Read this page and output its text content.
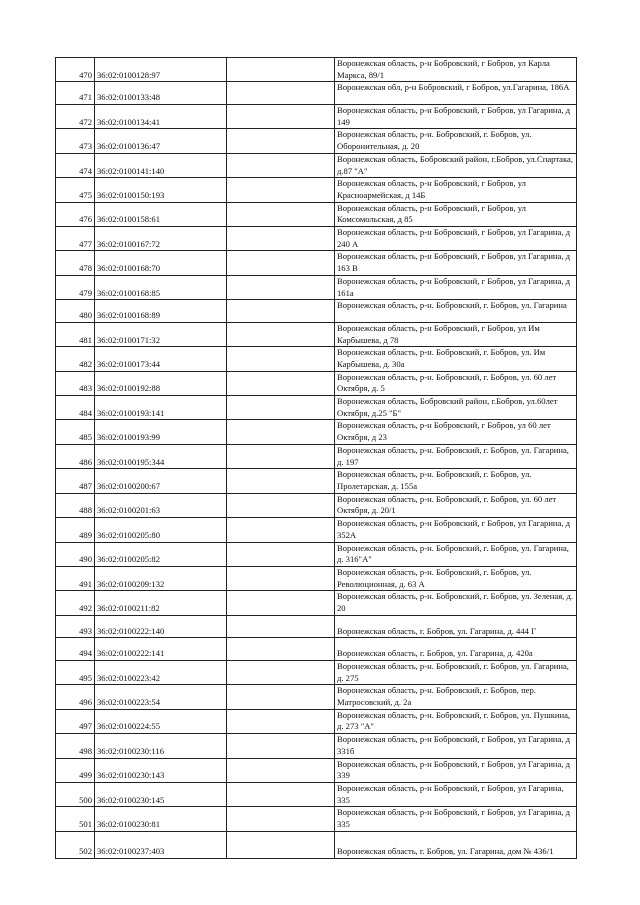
470	36:02:0100128:97		Воронежская область, р-н Бобровский, г Бобров, ул Карла Маркса, 89/1
471	36:02:0100133:48		Воронежская обл, р-н Бобровский, г Бобров, ул.Гагарина, 186А
472	36:02:0100134:41		Воронежская область, р-н Бобровский, г Бобров, ул Гагарина, д 149
473	36:02:0100136:47		Воронежская область, р-н. Бобровский, г. Бобров, ул. Оборонительная, д. 20
474	36:02:0100141:140		Воронежская область, Бобровский район, г.Бобров, ул.Спартака, д.87 "А"
475	36:02:0100150:193		Воронежская область, р-н Бобровский, г Бобров, ул Красноармейская, д 14Б
476	36:02:0100158:61		Воронежская область, р-н Бобровский, г Бобров, ул Комсомольская, д 85
477	36:02:0100167:72		Воронежская область, р-н Бобровский, г Бобров, ул Гагарина, д 240 А
478	36:02:0100168:70		Воронежская область, р-н Бобровский, г Бобров, ул Гагарина, д 163 В
479	36:02:0100168:85		Воронежская область, р-н Бобровский, г Бобров, ул Гагарина, д 161а
480	36:02:0100168:89		Воронежская область, р-н. Бобровский, г. Бобров, ул. Гагарина
481	36:02:0100171:32		Воронежская область, р-н Бобровский, г Бобров, ул Им Карбышева, д 78
482	36:02:0100173:44		Воронежская область, р-н. Бобровский, г. Бобров, ул. Им Карбышева, д. 30а
483	36:02:0100192:88		Воронежская область, р-н. Бобровский, г. Бобров, ул. 60 лет Октября, д. 5
484	36:02:0100193:141		Воронежская область, Бобровский район, г.Бобров, ул.60лет Октября, д.25 "Б"
485	36:02:0100193:99		Воронежская область, р-н Бобровский, г Бобров, ул 60 лет Октября, д 23
486	36:02:0100195:344		Воронежская область, р-н. Бобровский, г. Бобров, ул. Гагарина, д. 197
487	36:02:0100200:67		Воронежская область, р-н. Бобровский, г. Бобров, ул. Пролетарская, д. 155а
488	36:02:0100201:63		Воронежская область, р-н. Бобровский, г. Бобров, ул. 60 лет Октября, д. 20/1
489	36:02:0100205:80		Воронежская область, р-н Бобровский, г Бобров, ул Гагарина, д 352А
490	36:02:0100205:82		Воронежская область, р-н. Бобровский, г. Бобров, ул. Гагарина, д. 316"А"
491	36:02:0100209:132		Воронежская область, р-н. Бобровский, г. Бобров, ул. Революционная, д. 63 А
492	36:02:0100211:82		Воронежская область, р-н. Бобровский, г. Бобров, ул. Зеленая, д. 20
493	36:02:0100222:140		Воронежская область, г. Бобров, ул. Гагарина, д. 444 Г
494	36:02:0100222:141		Воронежская область, г. Бобров, ул. Гагарина, д. 420а
495	36:02:0100223:42		Воронежская область, р-н. Бобровский, г. Бобров, ул. Гагарина, д. 275
496	36:02:0100223:54		Воронежская область, р-н. Бобровский, г. Бобров, пер. Матросовский, д. 2а
497	36:02:0100224:55		Воронежская область, р-н. Бобровский, г. Бобров, ул. Пушкина, д. 273 "А"
498	36:02:0100230:116		Воронежская область, р-н Бобровский, г Бобров, ул Гагарина, д 331б
499	36:02:0100230:143		Воронежская область, р-н Бобровский, г Бобров, ул Гагарина, д 339
500	36:02:0100230:145		Воронежская область, р-н Бобровский, г Бобров, ул Гагарина, 335
501	36:02:0100230:81		Воронежская область, р-н Бобровский, г Бобров, ул Гагарина, д 335
502	36:02:0100237:403		Воронежская область, г. Бобров, ул. Гагарина, дом № 436/1
